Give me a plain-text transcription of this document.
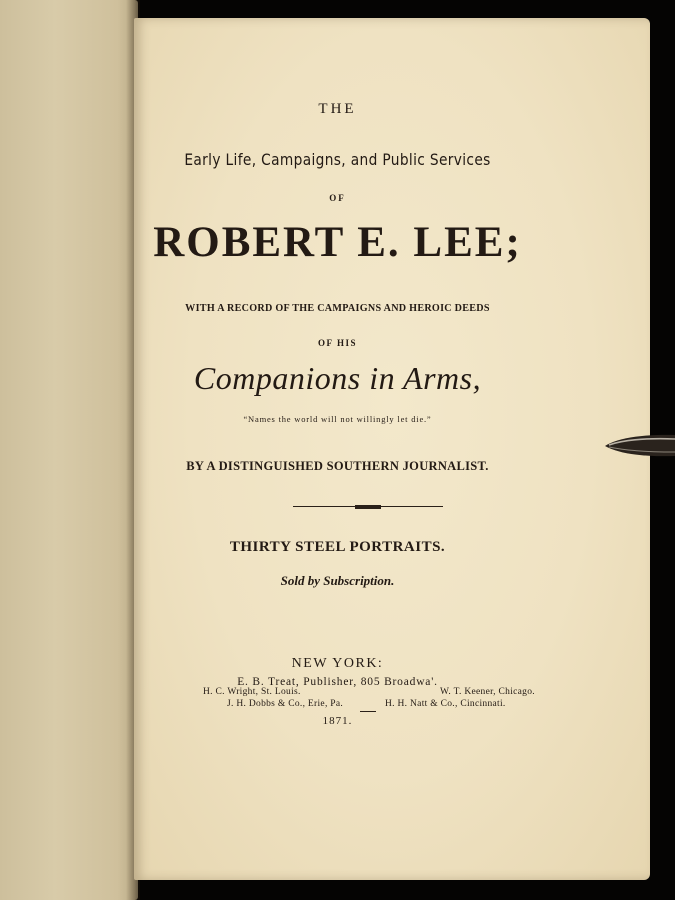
THE
Early Life, Campaigns, and Public Services
OF
ROBERT E. LEE;
WITH A RECORD OF THE CAMPAIGNS AND HEROIC DEEDS
OF HIS
Companions in Arms,
“Names the world will not willingly let die.”
BY A DISTINGUISHED SOUTHERN JOURNALIST.
THIRTY STEEL PORTRAITS.
Sold by Subscription.
NEW YORK:
E. B. Treat, Publisher, 805 Broadwa'.
H. C. Wright, St. Louis.	W. T. Keener, Chicago.
J. H. Dobbs & Co., Erie, Pa.	H. H. Natt & Co., Cincinnati.
1871.
